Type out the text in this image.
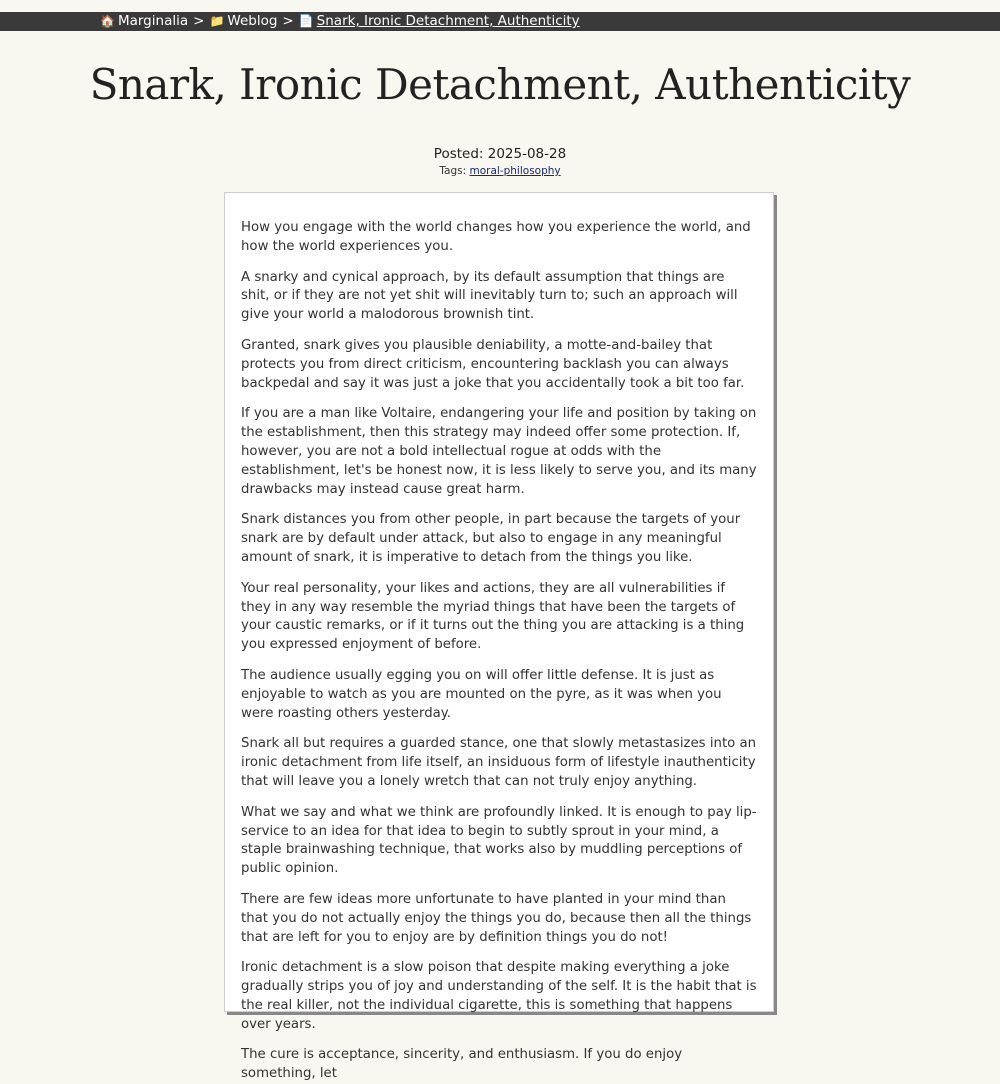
🏠 Marginalia > 📁 Weblog > 📄 Snark, Ironic Detachment, Authenticity
Snark, Ironic Detachment, Authenticity
Posted: 2025-08-28
Tags: moral-philosophy

How you engage with the world changes how you experience the world, and how the world experiences you.

A snarky and cynical approach, by its default assumption that things are shit, or if they are not yet shit will inevitably turn to; such an approach will give your world a malodorous brownish tint.

Granted, snark gives you plausible deniability, a motte-and-bailey that protects you from direct criticism, encountering backlash you can always backpedal and say it was just a joke that you accidentally took a bit too far.

If you are a man like Voltaire, endangering your life and position by taking on the establishment, then this strategy may indeed offer some protection. If, however, you are not a bold intellectual rogue at odds with the establishment, let's be honest now, it is less likely to serve you, and its many drawbacks may instead cause great harm.

Snark distances you from other people, in part because the targets of your snark are by default under attack, but also to engage in any meaningful amount of snark, it is imperative to detach from the things you like.

Your real personality, your likes and actions, they are all vulnerabilities if they in any way resemble the myriad things that have been the targets of your caustic remarks, or if it turns out the thing you are attacking is a thing you expressed enjoyment of before.

The audience usually egging you on will offer little defense. It is just as enjoyable to watch as you are mounted on the pyre, as it was when you were roasting others yesterday.

Snark all but requires a guarded stance, one that slowly metastasizes into an ironic detachment from life itself, an insiduous form of lifestyle inauthenticity that will leave you a lonely wretch that can not truly enjoy anything.

What we say and what we think are profoundly linked. It is enough to pay lip-service to an idea for that idea to begin to subtly sprout in your mind, a staple brainwashing technique, that works also by muddling perceptions of public opinion.

There are few ideas more unfortunate to have planted in your mind than that you do not actually enjoy the things you do, because then all the things that are left for you to enjoy are by definition things you do not!

Ironic detachment is a slow poison that despite making everything a joke gradually strips you of joy and understanding of the self. It is the habit that is the real killer, not the individual cigarette, this is something that happens over years.

The cure is acceptance, sincerity, and enthusiasm. If you do enjoy something, let
